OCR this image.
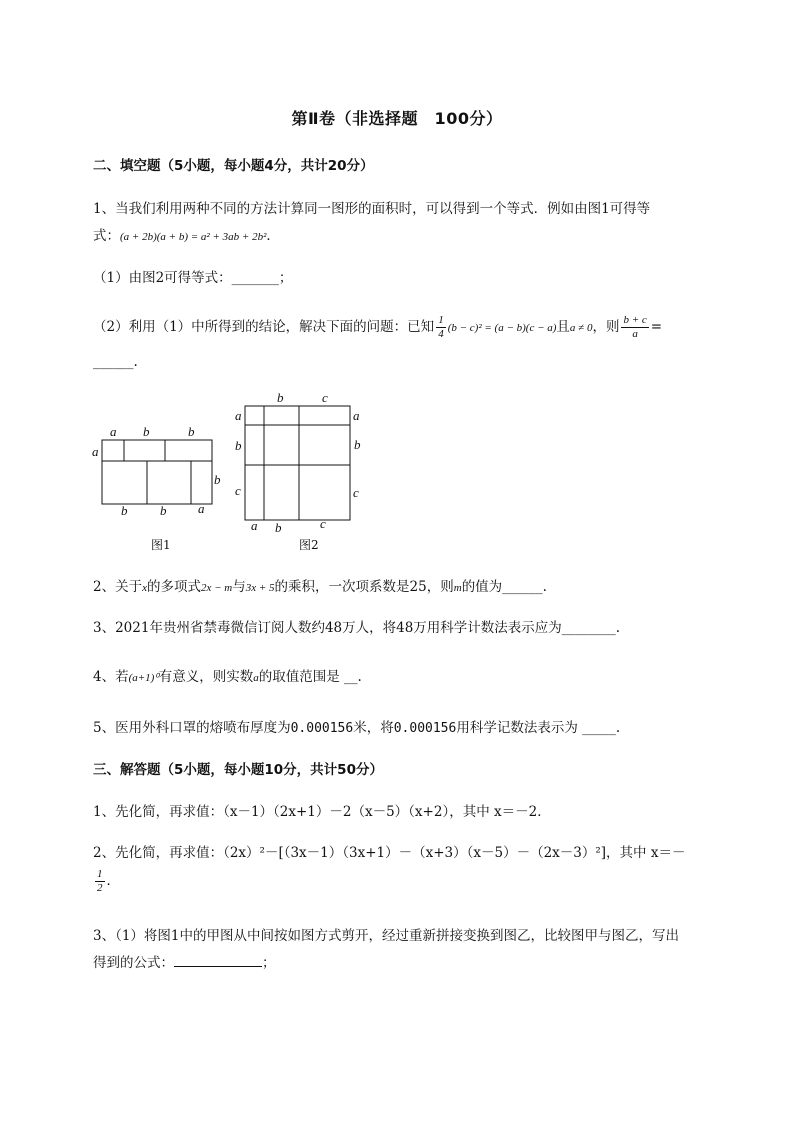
第Ⅱ卷（非选择题　100分）
二、填空题（5小题，每小题4分，共计20分）
1、当我们利用两种不同的方法计算同一图形的面积时，可以得到一个等式．例如由图1可得等
式：(a + 2b)(a + b) = a² + 3ab + 2b²．
（1）由图2可得等式：_______；
（2）利用（1）中所得到的结论，解决下面的问题：已知 $\frac{1}{4} (b - c)^2 = (a - b)(c - a)$且a ≠ 0，则 $\frac{b + c}{a}$ =
______.
a b	b
a
b
b	b a
图1
b	c
a
b
c
a
b
c
a b	c
图2
2、关于x的多项式2x − m与3x + 5的乘积，一次项系数是25，则m的值为______.
3、2021年贵州省禁毒微信订阅人数约48万人，将48万用科学计数法表示应为________.
4、若(a+1)⁰有意义，则实数a的取值范围是 __.
5、医用外科口罩的熔喷布厚度为0.000156米，将0.000156用科学记数法表示为 _____.
三、解答题（5小题，每小题10分，共计50分）
1、先化简，再求值：（x－1）（2x+1）－2（x－5）（x+2），其中 x＝－2．
2、先化简，再求值：（2x）²－[（3x－1）（3x+1）－（x+3）（x－5）－（2x－3）²]，其中 x＝－
$\frac{1}{2}$ ．
3、（1）将图1中的甲图从中间按如图方式剪开，经过重新拼接变换到图乙，比较图甲与图乙，写出
得到的公式：	；
